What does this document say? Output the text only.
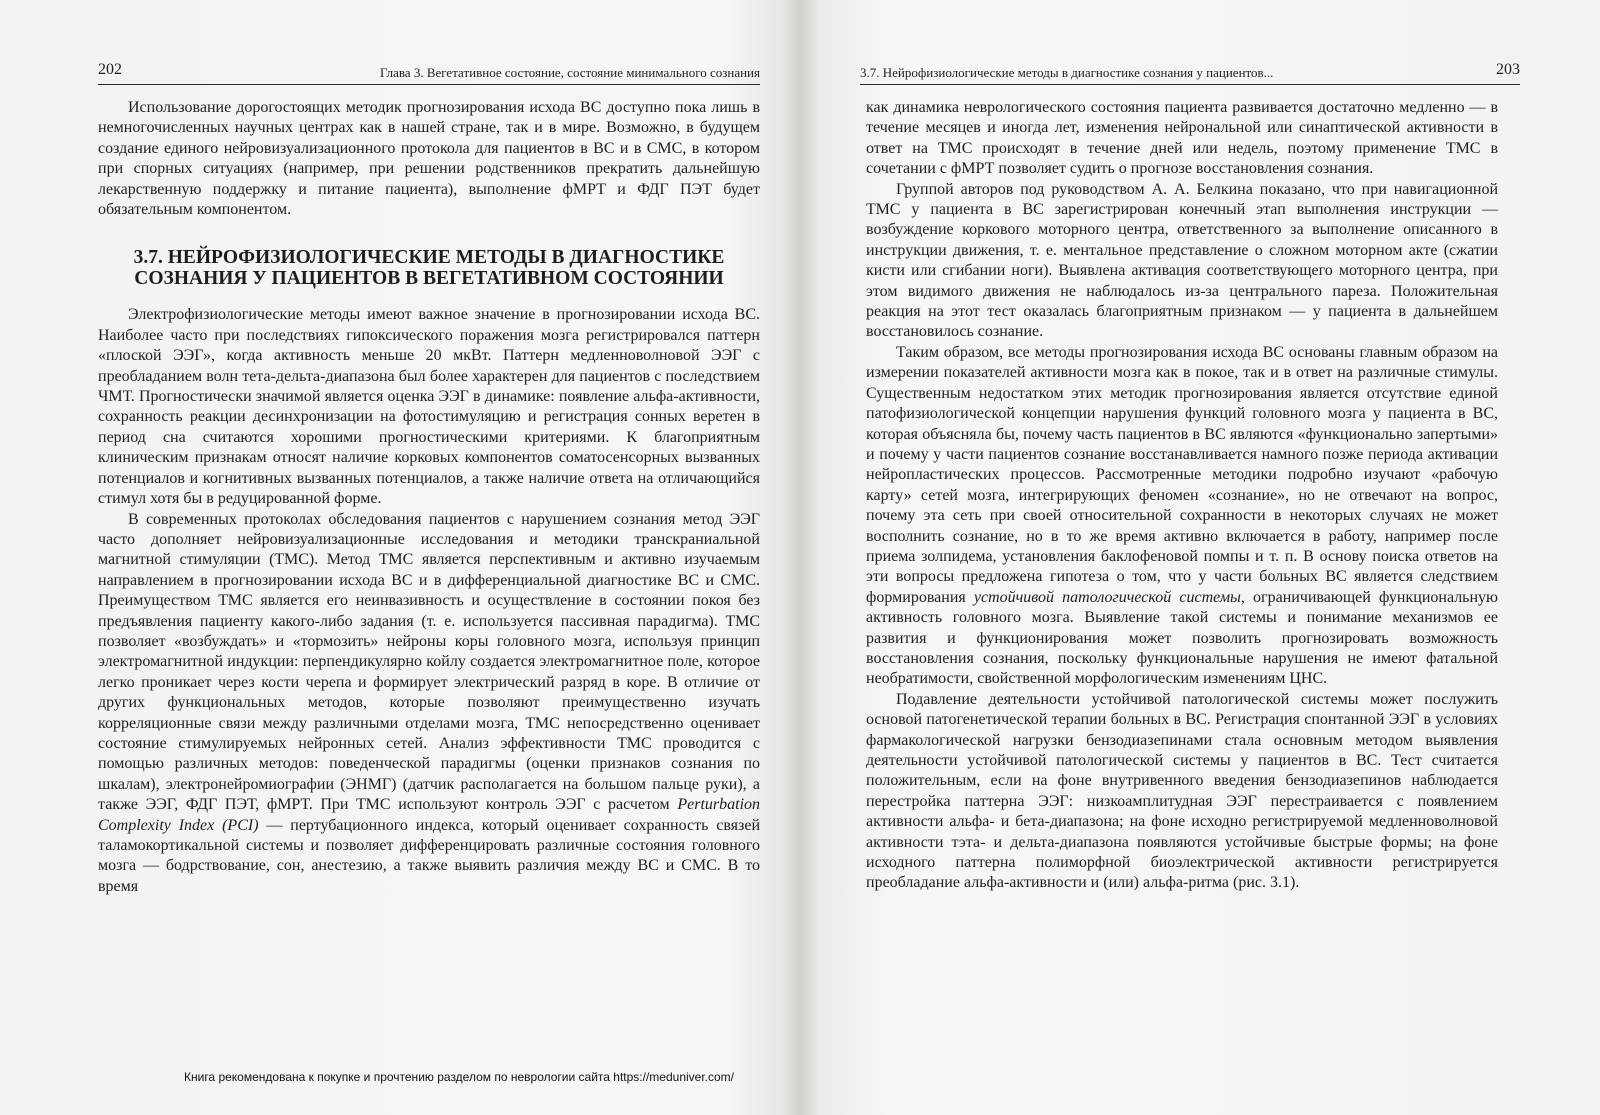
202	Глава 3. Вегетативное состояние, состояние минимального сознания

Использование дорогостоящих методик прогнозирования исхода ВС доступно пока лишь в немногочисленных научных центрах как в нашей стране, так и в мире. Возможно, в будущем создание единого нейровизуализационного протокола для пациентов в ВС и в СМС, в котором при спорных ситуациях (например, при решении родственников прекратить дальнейшую лекарственную поддержку и питание пациента), выполнение фМРТ и ФДГ ПЭТ будет обязательным компонентом.

3.7. НЕЙРОФИЗИОЛОГИЧЕСКИЕ МЕТОДЫ В ДИАГНОСТИКЕ
СОЗНАНИЯ У ПАЦИЕНТОВ В ВЕГЕТАТИВНОМ СОСТОЯНИИ

Электрофизиологические методы имеют важное значение в прогнозировании исхода ВС. Наиболее часто при последствиях гипоксического поражения мозга регистрировался паттерн «плоской ЭЭГ», когда активность меньше 20 мкВт. Паттерн медленноволновой ЭЭГ с преобладанием волн тета-дельта-диапазона был более характерен для пациентов с последствием ЧМТ. Прогностически значимой является оценка ЭЭГ в динамике: появление альфа-активности, сохранность реакции десинхронизации на фотостимуляцию и регистрация сонных веретен в период сна считаются хорошими прогностическими критериями. К благоприятным клиническим признакам относят наличие корковых компонентов соматосенсорных вызванных потенциалов и когнитивных вызванных потенциалов, а также наличие ответа на отличающийся стимул хотя бы в редуцированной форме.

В современных протоколах обследования пациентов с нарушением сознания метод ЭЭГ часто дополняет нейровизуализационные исследования и методики транскраниальной магнитной стимуляции (ТМС). Метод ТМС является перспективным и активно изучаемым направлением в прогнозировании исхода ВС и в дифференциальной диагностике ВС и СМС. Преимуществом ТМС является его неинвазивность и осуществление в состоянии покоя без предъявления пациенту какого-либо задания (т. е. используется пассивная парадигма). ТМС позволяет «возбуждать» и «тормозить» нейроны коры головного мозга, используя принцип электромагнитной индукции: перпендикулярно койлу создается электромагнитное поле, которое легко проникает через кости черепа и формирует электрический разряд в коре. В отличие от других функциональных методов, которые позволяют преимущественно изучать корреляционные связи между различными отделами мозга, ТМС непосредственно оценивает состояние стимулируемых нейронных сетей. Анализ эффективности ТМС проводится с помощью различных методов: поведенческой парадигмы (оценки признаков сознания по шкалам), электронейромиографии (ЭНМГ) (датчик располагается на большом пальце руки), а также ЭЭГ, ФДГ ПЭТ, фМРТ. При ТМС используют контроль ЭЭГ с расчетом Perturbation Complexity Index (PCI) — пертубационного индекса, который оценивает сохранность связей таламокортикальной системы и позволяет дифференцировать различные состояния головного мозга — бодрствование, сон, анестезию, а также выявить различия между ВС и СМС. В то время

3.7. Нейрофизиологические методы в диагностике сознания у пациентов...	203

как динамика неврологического состояния пациента развивается достаточно медленно — в течение месяцев и иногда лет, изменения нейрональной или синаптической активности в ответ на ТМС происходят в течение дней или недель, поэтому применение ТМС в сочетании с фМРТ позволяет судить о прогнозе восстановления сознания.

Группой авторов под руководством А. А. Белкина показано, что при навигационной ТМС у пациента в ВС зарегистрирован конечный этап выполнения инструкции — возбуждение коркового моторного центра, ответственного за выполнение описанного в инструкции движения, т. е. ментальное представление о сложном моторном акте (сжатии кисти или сгибании ноги). Выявлена активация соответствующего моторного центра, при этом видимого движения не наблюдалось из-за центрального пареза. Положительная реакция на этот тест оказалась благоприятным признаком — у пациента в дальнейшем восстановилось сознание.

Таким образом, все методы прогнозирования исхода ВС основаны главным образом на измерении показателей активности мозга как в покое, так и в ответ на различные стимулы. Существенным недостатком этих методик прогнозирования является отсутствие единой патофизиологической концепции нарушения функций головного мозга у пациента в ВС, которая объясняла бы, почему часть пациентов в ВС являются «функционально запертыми» и почему у части пациентов сознание восстанавливается намного позже периода активации нейропластических процессов. Рассмотренные методики подробно изучают «рабочую карту» сетей мозга, интегрирующих феномен «сознание», но не отвечают на вопрос, почему эта сеть при своей относительной сохранности в некоторых случаях не может восполнить сознание, но в то же время активно включается в работу, например после приема золпидема, установления баклофеновой помпы и т. п. В основу поиска ответов на эти вопросы предложена гипотеза о том, что у части больных ВС является следствием формирования устойчивой патологической системы, ограничивающей функциональную активность головного мозга. Выявление такой системы и понимание механизмов ее развития и функционирования может позволить прогнозировать возможность восстановления сознания, поскольку функциональные нарушения не имеют фатальной необратимости, свойственной морфологическим изменениям ЦНС.

Подавление деятельности устойчивой патологической системы может послужить основой патогенетической терапии больных в ВС. Регистрация спонтанной ЭЭГ в условиях фармакологической нагрузки бензодиазепинами стала основным методом выявления деятельности устойчивой патологической системы у пациентов в ВС. Тест считается положительным, если на фоне внутривенного введения бензодиазепинов наблюдается перестройка паттерна ЭЭГ: низкоамплитудная ЭЭГ перестраивается с появлением активности альфа- и бета-диапазона; на фоне исходно регистрируемой медленноволновой активности тэта- и дельта-диапазона появляются устойчивые быстрые формы; на фоне исходного паттерна полиморфной биоэлектрической активности регистрируется преобладание альфа-активности и (или) альфа-ритма (рис. 3.1).

Книга рекомендована к покупке и прочтению разделом по неврологии сайта https://meduniver.com/
